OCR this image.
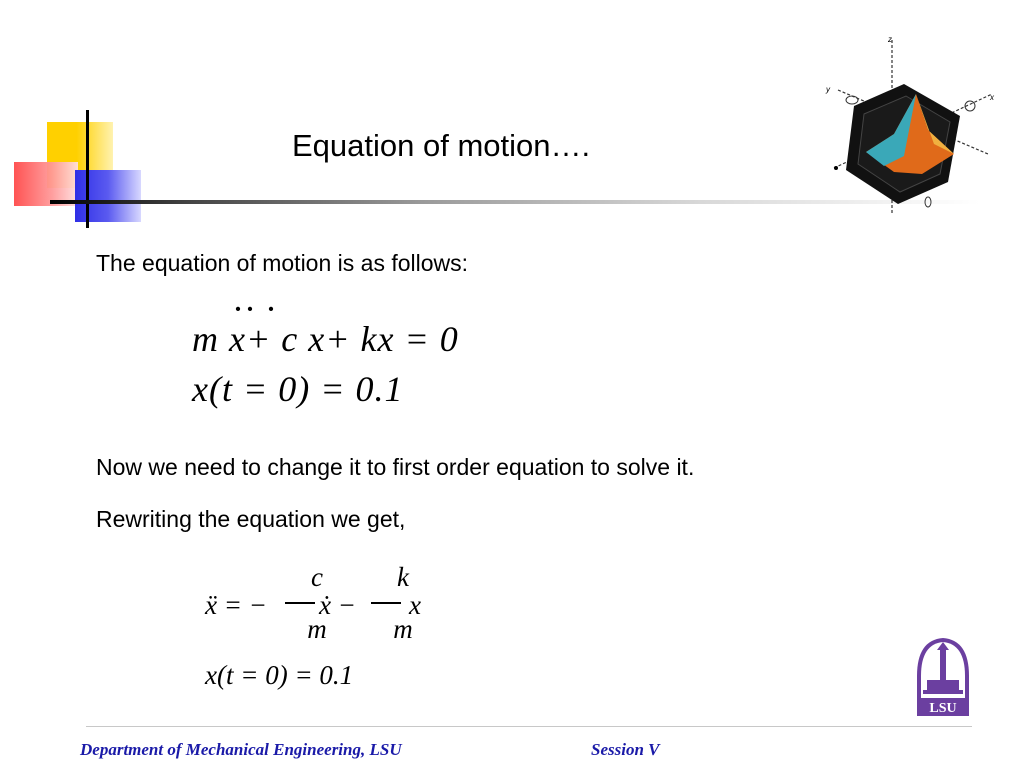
Equation of motion….
z
y
x
The equation of motion is as follows:
·· ·
m x+ c x+ kx = 0
x(t = 0) = 0.1
Now we need to change it to first order equation to solve it.
Rewriting the equation we get,
ẍ = −
c
m
ẋ −
k
m
x
x(t = 0) = 0.1
LSU
Department of Mechanical Engineering, LSU	Session V
